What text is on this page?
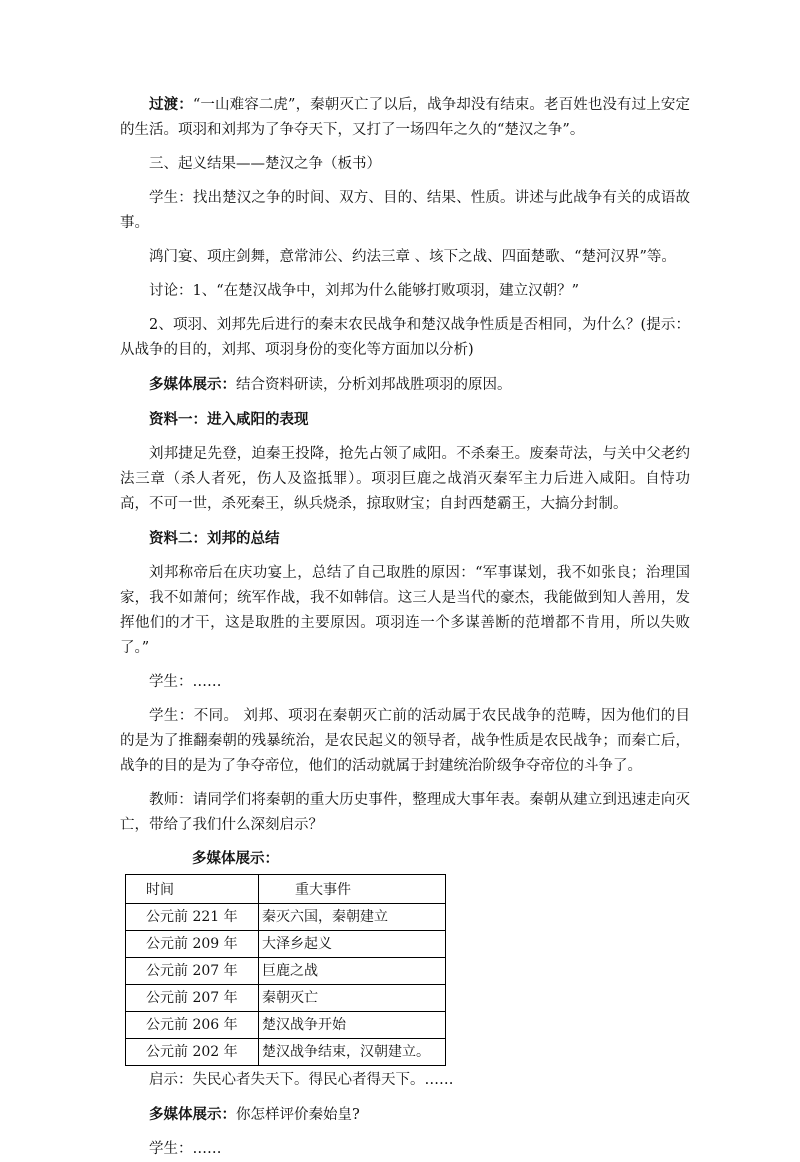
过渡：“一山难容二虎”，秦朝灭亡了以后，战争却没有结束。老百姓也没有过上安定的生活。项羽和刘邦为了争夺天下，又打了一场四年之久的“楚汉之争”。

三、起义结果——楚汉之争（板书）

学生：找出楚汉之争的时间、双方、目的、结果、性质。讲述与此战争有关的成语故事。

鸿门宴、项庄剑舞，意常沛公、约法三章 、垓下之战、四面楚歌、“楚河汉界”等。

讨论：1、“在楚汉战争中，刘邦为什么能够打败项羽，建立汉朝？”

2、项羽、刘邦先后进行的秦末农民战争和楚汉战争性质是否相同，为什么？(提示：从战争的目的，刘邦、项羽身份的变化等方面加以分析)

多媒体展示：结合资料研读，分析刘邦战胜项羽的原因。

资料一：进入咸阳的表现

刘邦捷足先登，迫秦王投降，抢先占领了咸阳。不杀秦王。废秦苛法，与关中父老约法三章（杀人者死，伤人及盗抵罪）。项羽巨鹿之战消灭秦军主力后进入咸阳。自恃功高，不可一世，杀死秦王，纵兵烧杀，掠取财宝；自封西楚霸王，大搞分封制。

资料二：刘邦的总结

刘邦称帝后在庆功宴上，总结了自己取胜的原因：“军事谋划，我不如张良；治理国家，我不如萧何；统军作战，我不如韩信。这三人是当代的豪杰，我能做到知人善用，发挥他们的才干，这是取胜的主要原因。项羽连一个多谋善断的范增都不肯用，所以失败了。”

学生：……

学生：不同。 刘邦、项羽在秦朝灭亡前的活动属于农民战争的范畴，因为他们的目的是为了推翻秦朝的残暴统治，是农民起义的领导者，战争性质是农民战争；而秦亡后，战争的目的是为了争夺帝位，他们的活动就属于封建统治阶级争夺帝位的斗争了。

教师：请同学们将秦朝的重大历史事件，整理成大事年表。秦朝从建立到迅速走向灭亡，带给了我们什么深刻启示？

多媒体展示：

时间	重大事件
公元前 221 年	秦灭六国，秦朝建立
公元前 209 年	大泽乡起义
公元前 207 年	巨鹿之战
公元前 207 年	秦朝灭亡
公元前 206 年	楚汉战争开始
公元前 202 年	楚汉战争结束，汉朝建立。

启示：失民心者失天下。得民心者得天下。……

多媒体展示：你怎样评价秦始皇?

学生：……
